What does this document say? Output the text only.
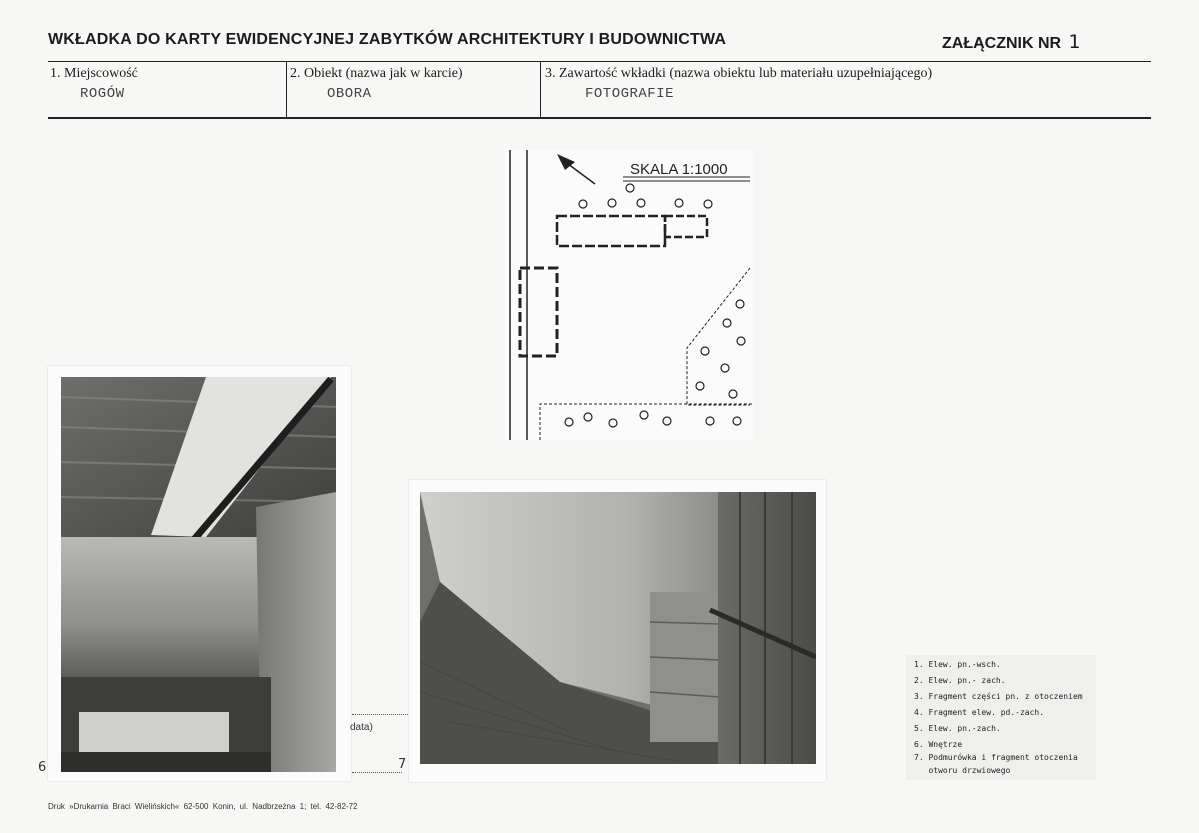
WKŁADKA DO KARTY EWIDENCYJNEJ ZABYTKÓW ARCHITEKTURY I BUDOWNICTWA	ZAŁĄCZNIK NR 1
1. Miejscowość
ROGÓW
2. Obiekt (nazwa jak w karcie)
OBORA
3. Zawartość wkładki (nazwa obiektu lub materiału uzupełniającego)
FOTOGRAFIE
SKALA 1:1000
data)
6	7
1. Elew. pn.-wsch.
2. Elew. pn.- zach.
3. Fragment części pn. z otoczeniem
4. Fragment elew. pd.-zach.
5. Elew. pn.-zach.
6. Wnętrze
7. Podmurówka i fragment otoczenia
otworu drzwiowego
Druk »Drukarnia Braci Wielińskich« 62-500 Konin, ul. Nadbrzeżna 1; tel. 42-82-72
